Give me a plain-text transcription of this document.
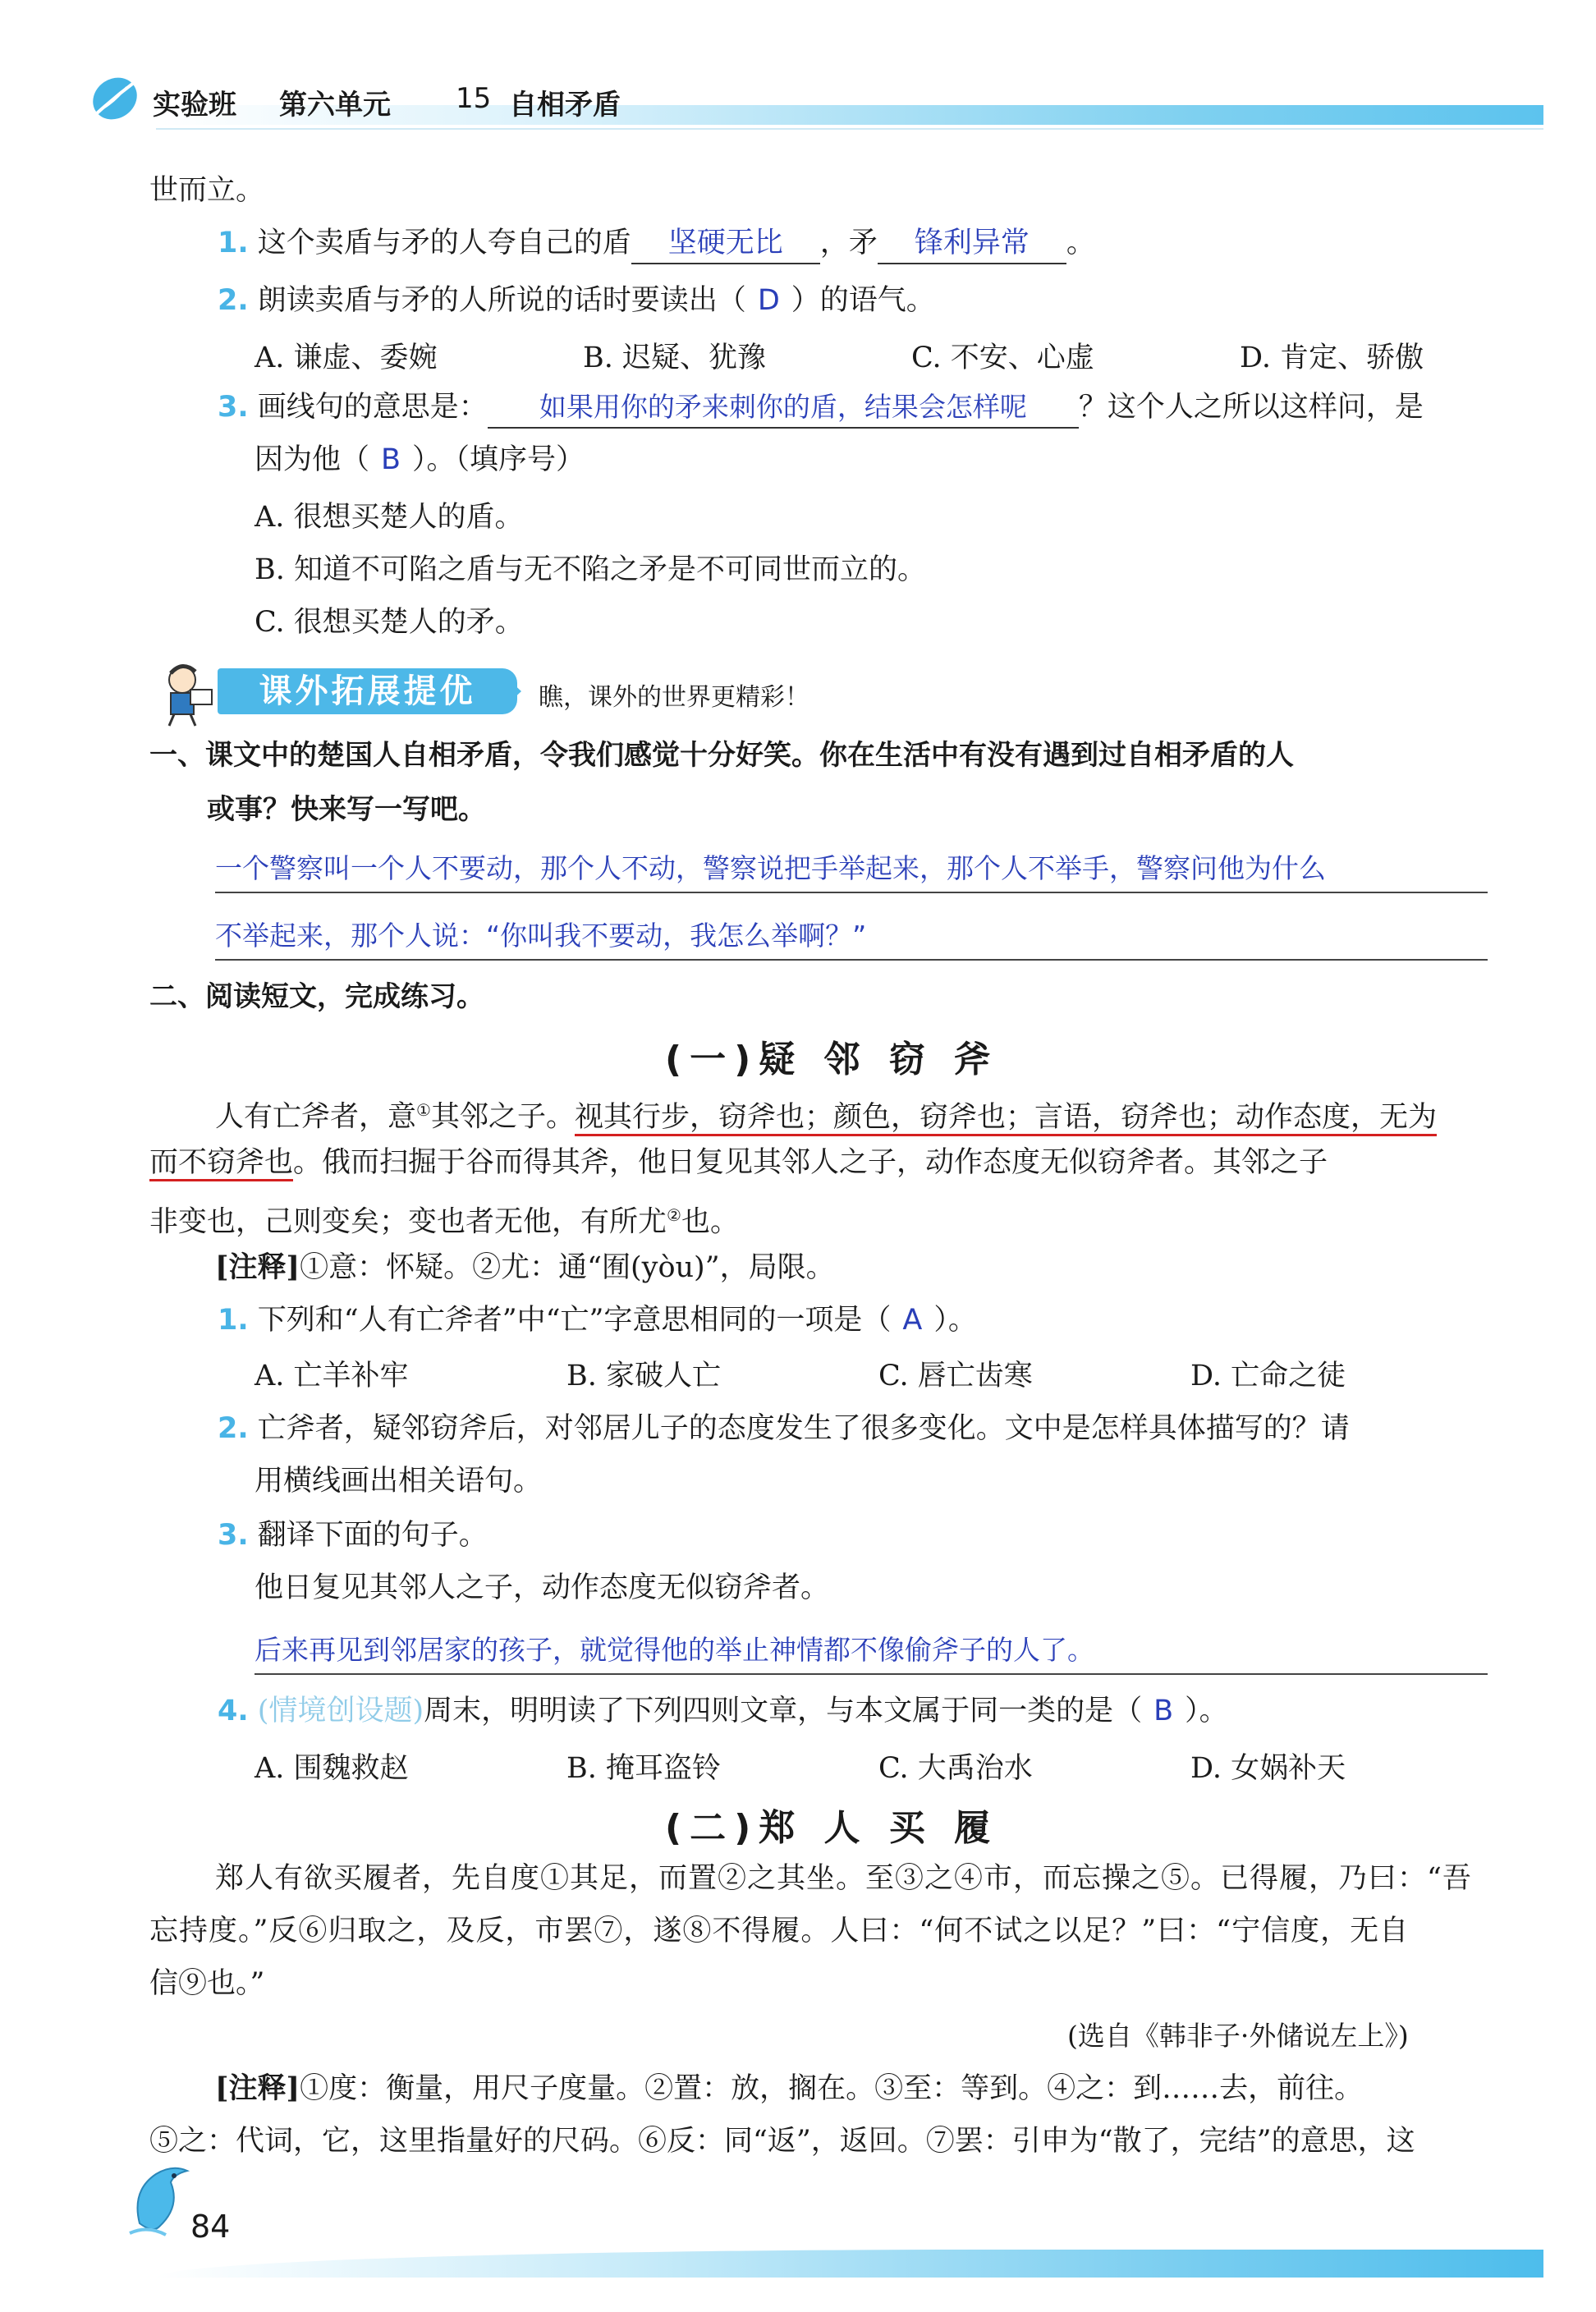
实验班 第六单元 15 自相矛盾
世而立。
1. 这个卖盾与矛的人夸自己的盾 坚硬无比 ，矛 锋利异常 。
2. 朗读卖盾与矛的人所说的话时要读出（ D ）的语气。
A. 谦虚、委婉	B. 迟疑、犹豫	C. 不安、心虚	D. 肯定、骄傲
3. 画线句的意思是： 如果用你的矛来刺你的盾，结果会怎样呢 ？这个人之所以这样问，是
因为他（ B ）。（填序号）
A. 很想买楚人的盾。
B. 知道不可陷之盾与无不陷之矛是不可同世而立的。
C. 很想买楚人的矛。
课外拓展提优	瞧，课外的世界更精彩！
一、课文中的楚国人自相矛盾，令我们感觉十分好笑。你在生活中有没有遇到过自相矛盾的人
或事？快来写一写吧。
一个警察叫一个人不要动，那个人不动，警察说把手举起来，那个人不举手，警察问他为什么
不举起来，那个人说：“你叫我不要动，我怎么举啊？”
二、阅读短文，完成练习。
(一)疑 邻 窃 斧
人有亡斧者，意①其邻之子。视其行步，窃斧也；颜色，窃斧也；言语，窃斧也；动作态度，无为
而不窃斧也。俄而扫掘于谷而得其斧，他日复见其邻人之子，动作态度无似窃斧者。其邻之子
非变也，己则变矣；变也者无他，有所尤②也。
[注释]①意：怀疑。②尤：通“囿(yòu)”，局限。
1. 下列和“人有亡斧者”中“亡”字意思相同的一项是（ A ）。
A. 亡羊补牢	B. 家破人亡	C. 唇亡齿寒	D. 亡命之徒
2. 亡斧者，疑邻窃斧后，对邻居儿子的态度发生了很多变化。文中是怎样具体描写的？请
用横线画出相关语句。
3. 翻译下面的句子。
他日复见其邻人之子，动作态度无似窃斧者。
后来再见到邻居家的孩子，就觉得他的举止神情都不像偷斧子的人了。
4. (情境创设题)周末，明明读了下列四则文章，与本文属于同一类的是（ B ）。
A. 围魏救赵	B. 掩耳盗铃	C. 大禹治水	D. 女娲补天
(二)郑 人 买 履
郑人有欲买履者，先自度①其足，而置②之其坐。至③之④市，而忘操之⑤。已得履，乃曰：“吾
忘持度。”反⑥归取之，及反，市罢⑦，遂⑧不得履。人曰：“何不试之以足？”曰：“宁信度，无自
信⑨也。”
(选自《韩非子·外储说左上》)
[注释]①度：衡量，用尺子度量。②置：放，搁在。③至：等到。④之：到……去，前往。
⑤之：代词，它，这里指量好的尺码。⑥反：同“返”，返回。⑦罢：引申为“散了，完结”的意思，这
84
